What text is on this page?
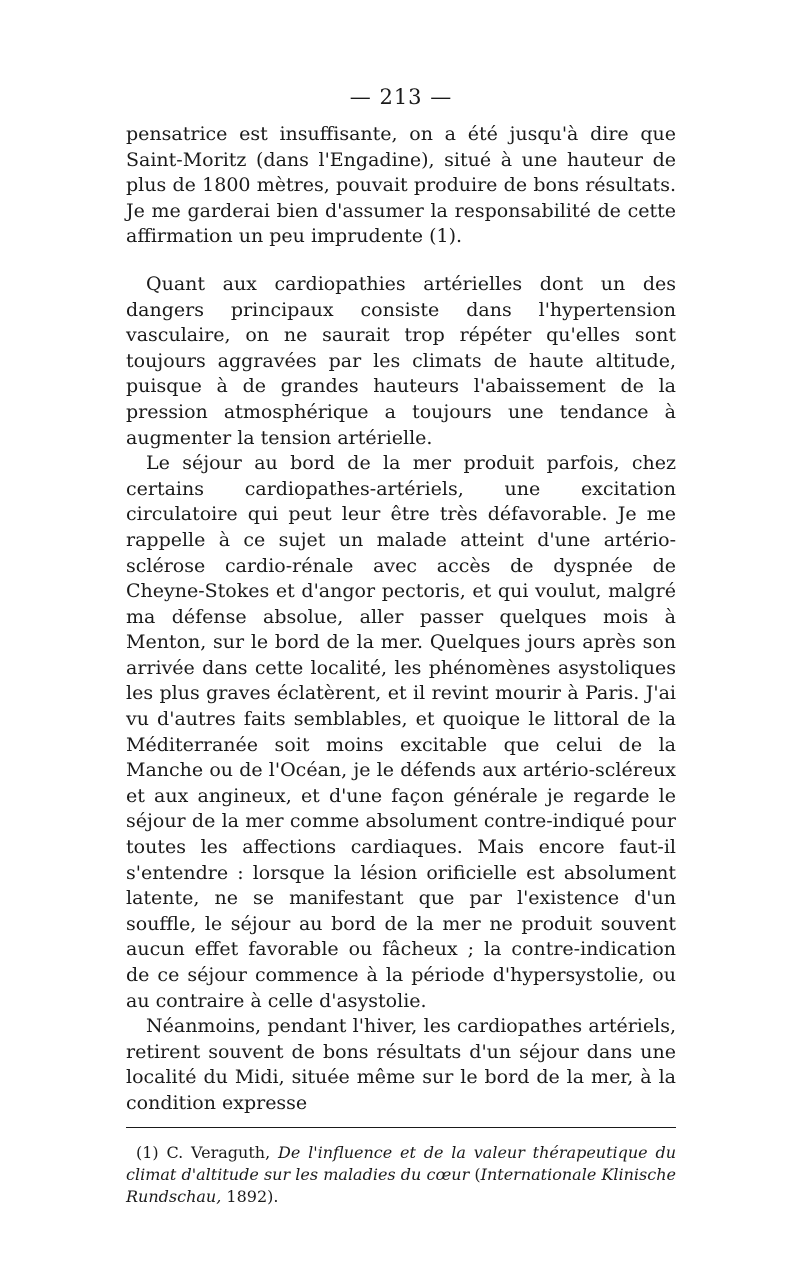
— 213 —

pensatrice est insuffisante, on a été jusqu'à dire que Saint-Moritz (dans l'Engadine), situé à une hauteur de plus de 1800 mètres, pouvait produire de bons résultats. Je me garderai bien d'assumer la responsabilité de cette affirmation un peu imprudente (1).

Quant aux cardiopathies artérielles dont un des dangers principaux consiste dans l'hypertension vasculaire, on ne saurait trop répéter qu'elles sont toujours aggravées par les climats de haute altitude, puisque à de grandes hauteurs l'abaissement de la pression atmosphérique a toujours une tendance à augmenter la tension artérielle.

Le séjour au bord de la mer produit parfois, chez certains cardiopathes-artériels, une excitation circulatoire qui peut leur être très défavorable. Je me rappelle à ce sujet un malade atteint d'une artério-sclérose cardio-rénale avec accès de dyspnée de Cheyne-Stokes et d'angor pectoris, et qui voulut, malgré ma défense absolue, aller passer quelques mois à Menton, sur le bord de la mer. Quelques jours après son arrivée dans cette localité, les phénomènes asystoliques les plus graves éclatèrent, et il revint mourir à Paris. J'ai vu d'autres faits semblables, et quoique le littoral de la Méditerranée soit moins excitable que celui de la Manche ou de l'Océan, je le défends aux artério-scléreux et aux angineux, et d'une façon générale je regarde le séjour de la mer comme absolument contre-indiqué pour toutes les affections cardiaques. Mais encore faut-il s'entendre : lorsque la lésion orificielle est absolument latente, ne se manifestant que par l'existence d'un souffle, le séjour au bord de la mer ne produit souvent aucun effet favorable ou fâcheux ; la contre-indication de ce séjour commence à la période d'hypersystolie, ou au contraire à celle d'asystolie.

Néanmoins, pendant l'hiver, les cardiopathes artériels, retirent souvent de bons résultats d'un séjour dans une localité du Midi, située même sur le bord de la mer, à la condition expresse

(1) C. Veraguth, De l'influence et de la valeur thérapeutique du climat d'altitude sur les maladies du cœur (Internationale Klinische Rundschau, 1892).
